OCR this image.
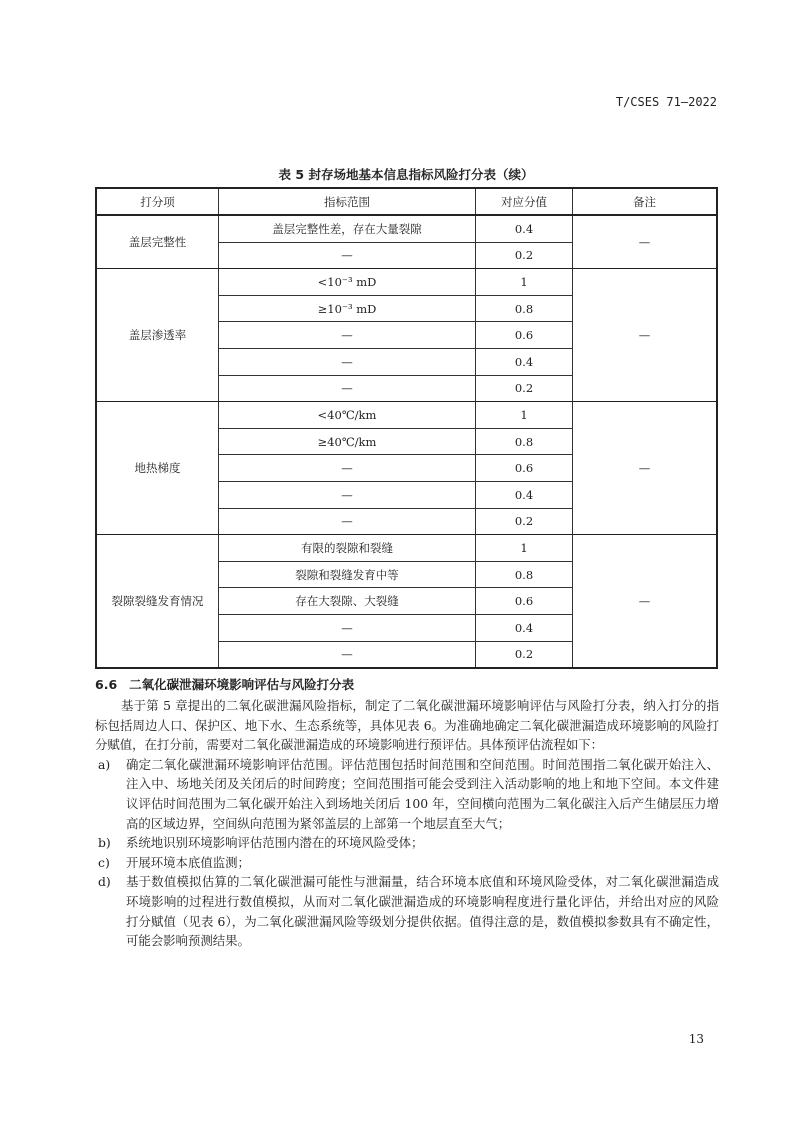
T/CSES 71—2022
表 5 封存场地基本信息指标风险打分表（续）
打分项	指标范围	对应分值	备注
盖层完整性	盖层完整性差，存在大量裂隙	0.4	—
	—	0.2	
盖层渗透率	<10⁻³ mD	1	—
	≥10⁻³ mD	0.8	
	—	0.6	
	—	0.4	
	—	0.2	
地热梯度	<40℃/km	1	—
	≥40℃/km	0.8	
	—	0.6	
	—	0.4	
	—	0.2	
裂隙裂缝发育情况	有限的裂隙和裂缝	1	—
	裂隙和裂缝发育中等	0.8	
	存在大裂隙、大裂缝	0.6	
	—	0.4	
	—	0.2	
6.6 二氧化碳泄漏环境影响评估与风险打分表

基于第 5 章提出的二氧化碳泄漏风险指标，制定了二氧化碳泄漏环境影响评估与风险打分表，纳入打分的指标包括周边人口、保护区、地下水、生态系统等，具体见表 6。为准确地确定二氧化碳泄漏造成环境影响的风险打分赋值，在打分前，需要对二氧化碳泄漏造成的环境影响进行预评估。具体预评估流程如下：

a)	确定二氧化碳泄漏环境影响评估范围。评估范围包括时间范围和空间范围。时间范围指二氧化碳开始注入、注入中、场地关闭及关闭后的时间跨度；空间范围指可能会受到注入活动影响的地上和地下空间。本文件建议评估时间范围为二氧化碳开始注入到场地关闭后 100 年，空间横向范围为二氧化碳注入后产生储层压力增高的区域边界，空间纵向范围为紧邻盖层的上部第一个地层直至大气；
b)	系统地识别环境影响评估范围内潜在的环境风险受体；
c)	开展环境本底值监测；
d)	基于数值模拟估算的二氧化碳泄漏可能性与泄漏量，结合环境本底值和环境风险受体，对二氧化碳泄漏造成环境影响的过程进行数值模拟，从而对二氧化碳泄漏造成的环境影响程度进行量化评估，并给出对应的风险打分赋值（见表 6），为二氧化碳泄漏风险等级划分提供依据。值得注意的是，数值模拟参数具有不确定性，可能会影响预测结果。
13
